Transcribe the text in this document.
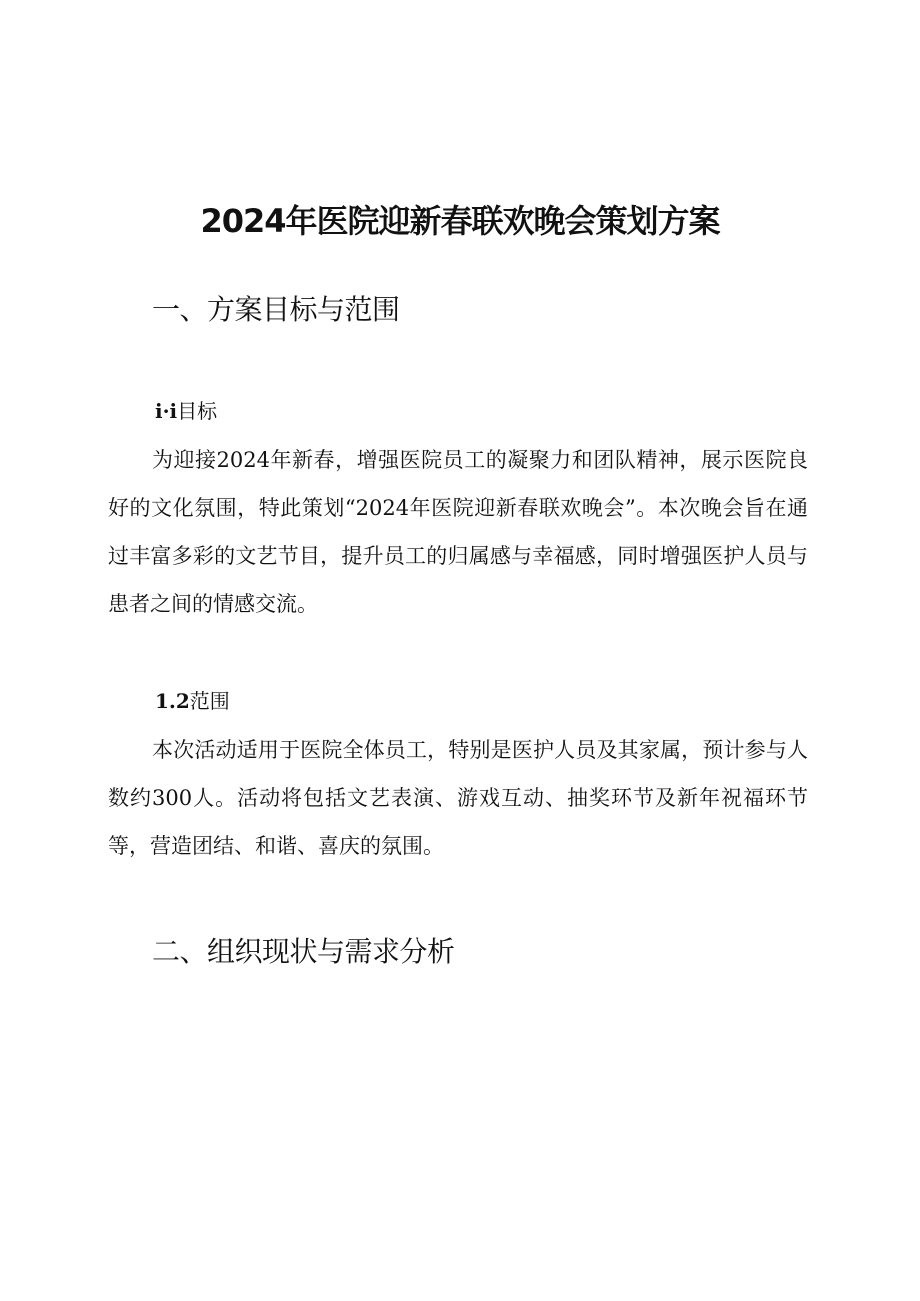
2024年医院迎新春联欢晚会策划方案
一、方案目标与范围
i·i目标

为迎接2024年新春，增强医院员工的凝聚力和团队精神，展示医院良好的文化氛围，特此策划“2024年医院迎新春联欢晚会”。本次晚会旨在通过丰富多彩的文艺节目，提升员工的归属感与幸福感，同时增强医护人员与患者之间的情感交流。

1.2范围

本次活动适用于医院全体员工，特别是医护人员及其家属，预计参与人数约300人。活动将包括文艺表演、游戏互动、抽奖环节及新年祝福环节等，营造团结、和谐、喜庆的氛围。

二、组织现状与需求分析
